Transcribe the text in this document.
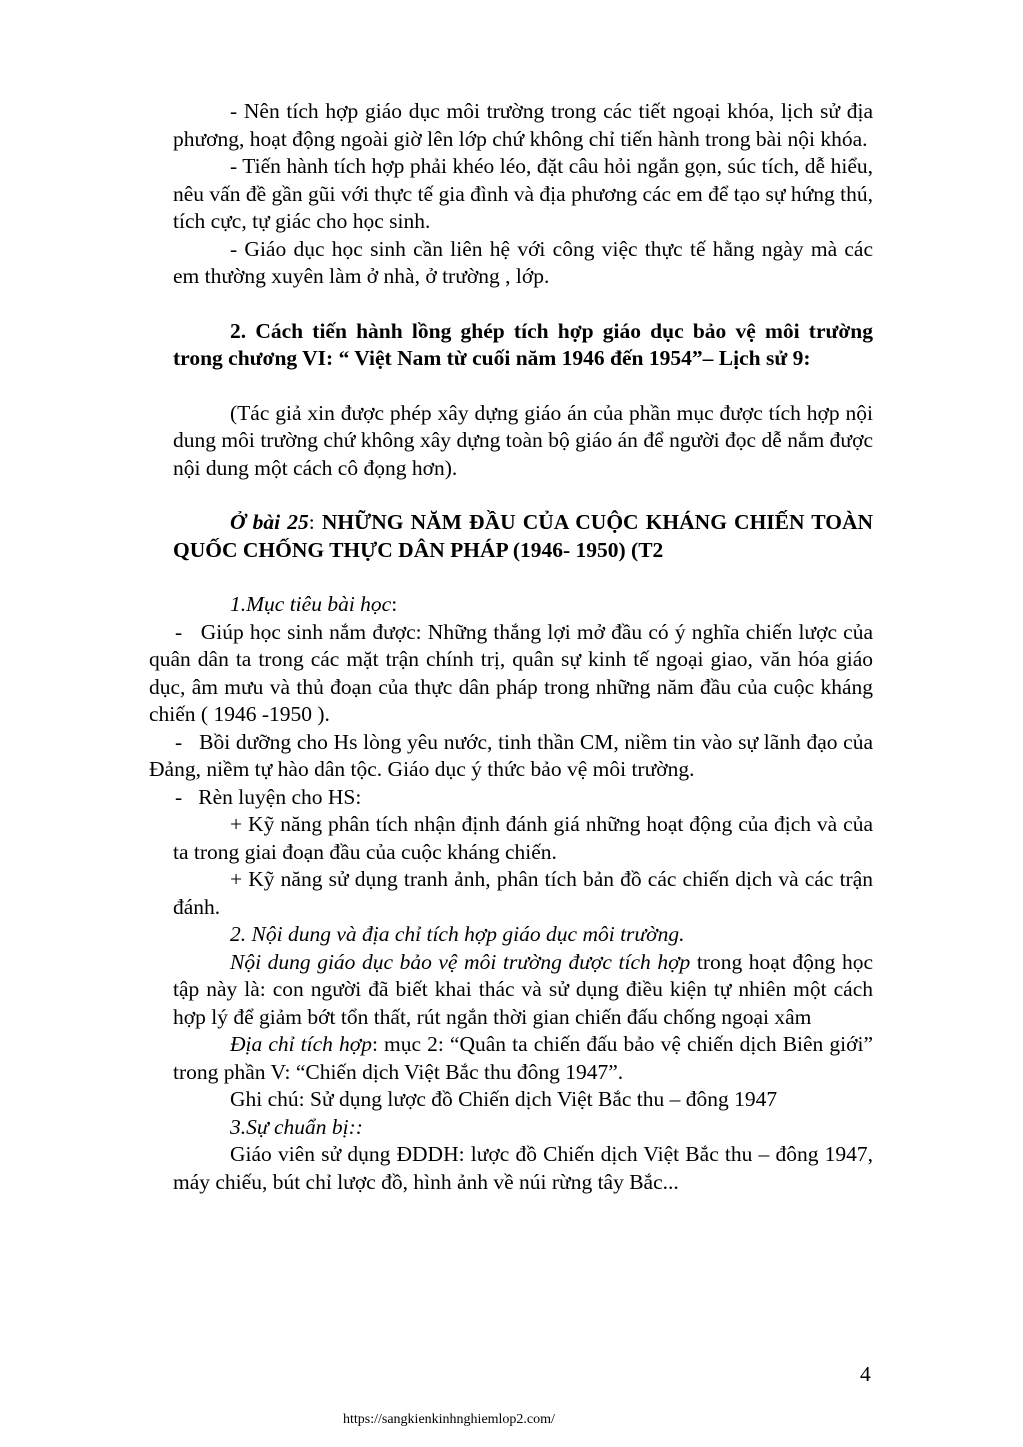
- Nên tích hợp giáo dục môi trường trong các tiết ngoại khóa, lịch sử địa phương, hoạt động ngoài giờ lên lớp chứ không chỉ tiến hành trong bài nội khóa.

- Tiến hành tích hợp phải khéo léo, đặt câu hỏi ngắn gọn, súc tích, dễ hiểu, nêu vấn đề gần gũi với thực tế gia đình và địa phương các em để tạo sự hứng thú, tích cực, tự giác cho học sinh.

- Giáo dục học sinh cần liên hệ với công việc thực tế hằng ngày mà các em thường xuyên làm ở nhà, ở trường , lớp.

2. Cách tiến hành lồng ghép tích hợp giáo dục bảo vệ môi trường trong chương VI: “ Việt Nam từ cuối năm 1946 đến 1954”– Lịch sử 9:

(Tác giả xin được phép xây dựng giáo án của phần mục được tích hợp nội dung môi trường chứ không xây dựng toàn bộ giáo án để người đọc dễ nắm được nội dung một cách cô đọng hơn).

Ở bài 25: NHỮNG NĂM ĐẦU CỦA CUỘC KHÁNG CHIẾN TOÀN QUỐC CHỐNG THỰC DÂN PHÁP (1946- 1950) (T2

1.Mục tiêu bài học:

- Giúp học sinh nắm được: Những thắng lợi mở đầu có ý nghĩa chiến lược của quân dân ta trong các mặt trận chính trị, quân sự kinh tế ngoại giao, văn hóa giáo dục, âm mưu và thủ đoạn của thực dân pháp trong những năm đầu của cuộc kháng chiến ( 1946 -1950 ).

- Bồi dưỡng cho Hs lòng yêu nước, tinh thần CM, niềm tin vào sự lãnh đạo của Đảng, niềm tự hào dân tộc. Giáo dục ý thức bảo vệ môi trường.

- Rèn luyện cho HS:

+ Kỹ năng phân tích nhận định đánh giá những hoạt động của địch và của ta trong giai đoạn đầu của cuộc kháng chiến.

+ Kỹ năng sử dụng tranh ảnh, phân tích bản đồ các chiến dịch và các trận đánh.

2. Nội dung và địa chỉ tích hợp giáo dục môi trường.

Nội dung giáo dục bảo vệ môi trường được tích hợp trong hoạt động học tập này là: con người đã biết khai thác và sử dụng điều kiện tự nhiên một cách hợp lý để giảm bớt tổn thất, rút ngắn thời gian chiến đấu chống ngoại xâm

Địa chỉ tích hợp: mục 2: “Quân ta chiến đấu bảo vệ chiến dịch Biên giới” trong phần V: “Chiến dịch Việt Bắc thu đông 1947”.

Ghi chú: Sử dụng lược đồ Chiến dịch Việt Bắc thu – đông 1947

3.Sự chuẩn bị::

Giáo viên sử dụng ĐDDH: lược đồ Chiến dịch Việt Bắc thu – đông 1947, máy chiếu, bút chỉ lược đồ, hình ảnh về núi rừng tây Bắc...

4
https://sangkienkinhnghiemlop2.com/
